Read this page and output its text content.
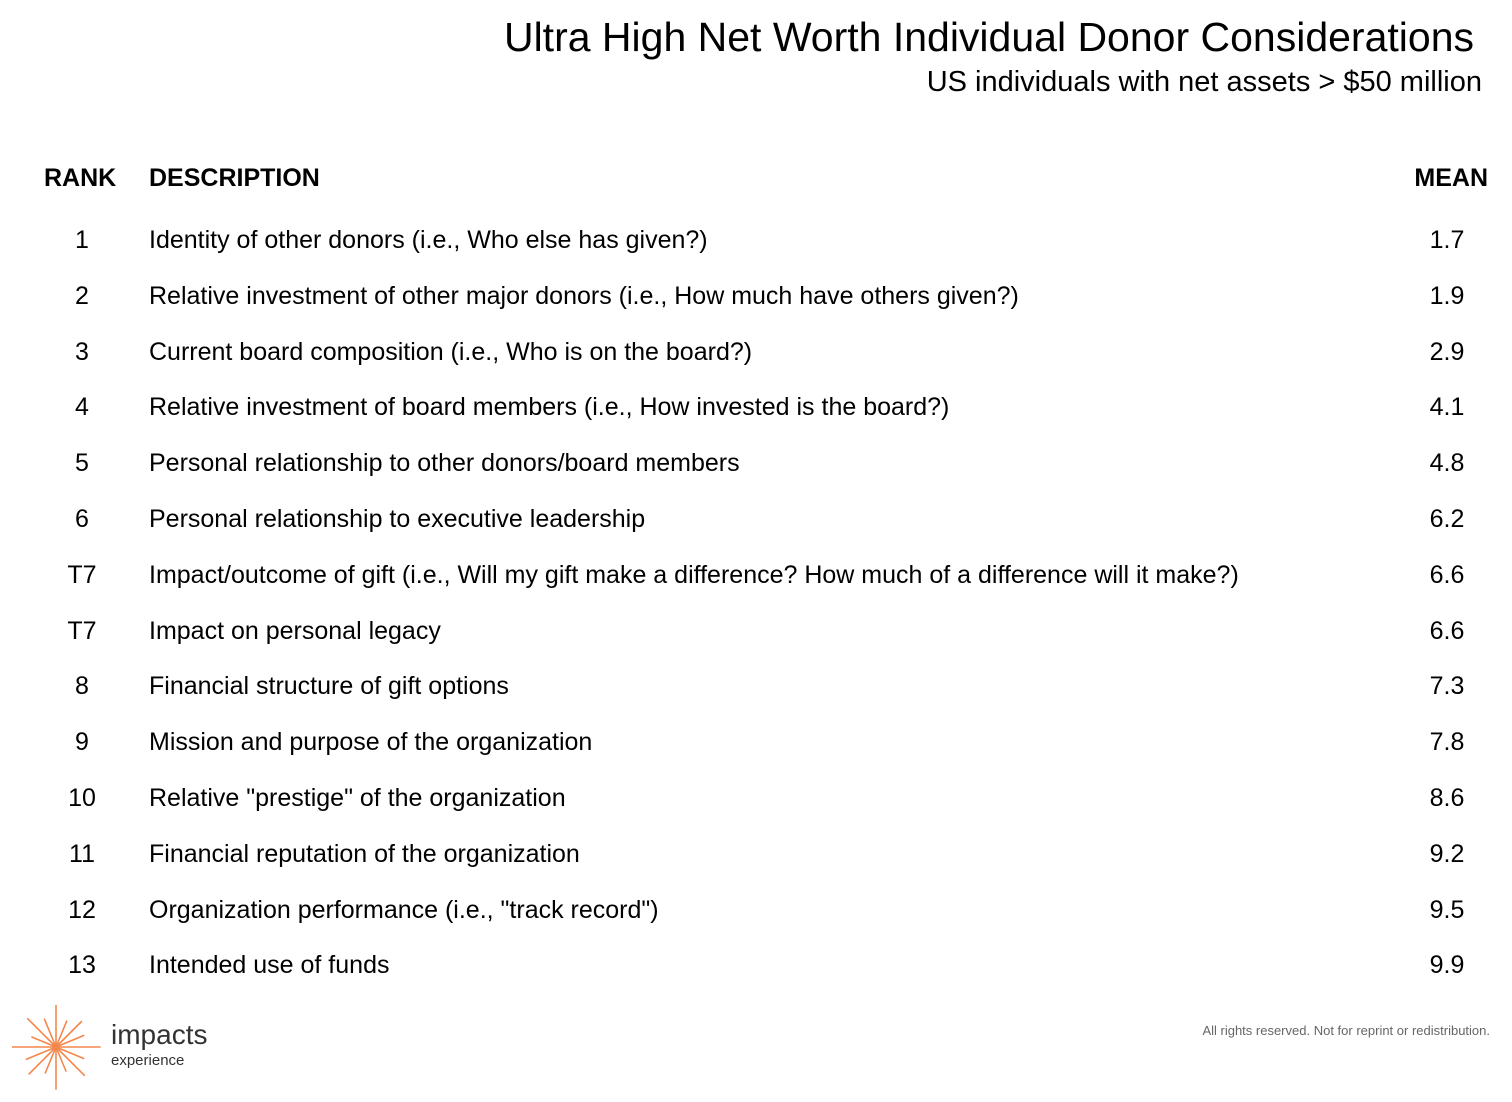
Ultra High Net Worth Individual Donor Considerations
US individuals with net assets > $50 million
RANK DESCRIPTION	MEAN
1	Identity of other donors (i.e., Who else has given?)	1.7
2	Relative investment of other major donors (i.e., How much have others given?)	1.9
3	Current board composition (i.e., Who is on the board?)	2.9
4	Relative investment of board members (i.e., How invested is the board?)	4.1
5	Personal relationship to other donors/board members	4.8
6	Personal relationship to executive leadership	6.2
T7	Impact/outcome of gift (i.e., Will my gift make a difference? How much of a difference will it make?)	6.6
T7	Impact on personal legacy	6.6
8	Financial structure of gift options	7.3
9	Mission and purpose of the organization	7.8
10	Relative "prestige" of the organization	8.6
11	Financial reputation of the organization	9.2
12	Organization performance (i.e., "track record")	9.5
13	Intended use of funds	9.9
impacts
experience
All rights reserved. Not for reprint or redistribution.
